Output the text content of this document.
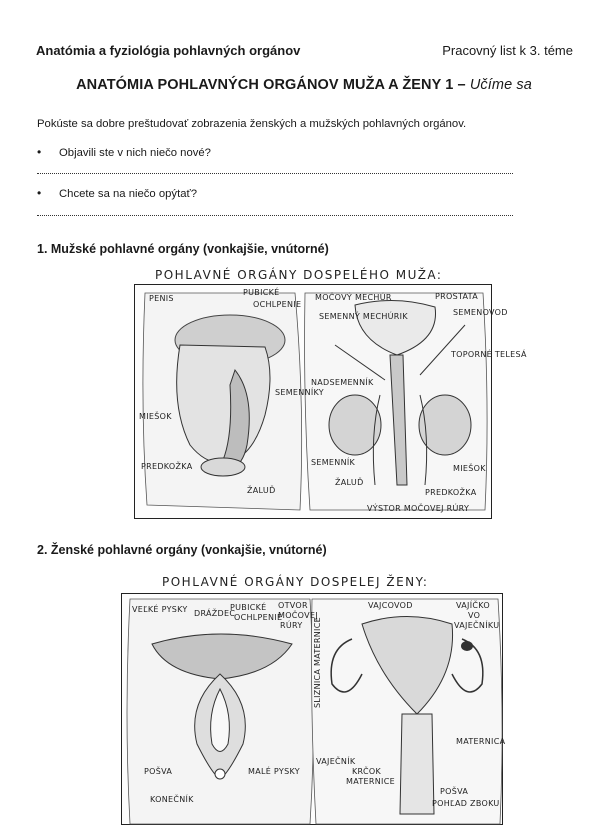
Anatómia a fyziológia pohlavných orgánov	Pracovný list k 3. téme
ANATÓMIA POHLAVNÝCH ORGÁNOV MUŽA A ŽENY 1 – Učíme sa
Pokúste sa dobre preštudovať zobrazenia ženských a mužských pohlavných orgánov.
• Objavili ste v nich niečo nové?
• Chcete sa na niečo opýtať?
1. Mužské pohlavné orgány (vonkajšie, vnútorné)
POHLAVNÉ ORGÁNY DOSPELÉHO MUŽA:
PENIS
PUBICKÉ
OCHLPENIE
MIEŠOK
PREDKOŽKA
ŽALUĎ
SEMENNÍKY
MOČOVÝ MECHÚR
SEMENNÝ MECHÚRIK
PROSTATA
SEMENOVOD
TOPORNÉ TELESÁ
NADSEMENNÍK
SEMENNÍK
ŽALUĎ
VÝSTOR MOČOVEJ RÚRY
PREDKOŽKA
MIEŠOK
2. Ženské pohlavné orgány (vonkajšie, vnútorné)
POHLAVNÉ ORGÁNY DOSPELEJ ŽENY:
VEĽKÉ PYSKY DRÁŽDEC
PUBICKÉ
OCHLPENIE
OTVOR
MOČOVEJ
RÚRY
POŠVA
KONEČNÍK
MALÉ PYSKY
VAJCOVOD	VAJÍČKO
VO
VAJEČNÍKU
SLIZNICA MATERNICE
VAJEČNÍK
KRČOK
MATERNICE
MATERNICA
POŠVA
POHĽAD ZBOKU
